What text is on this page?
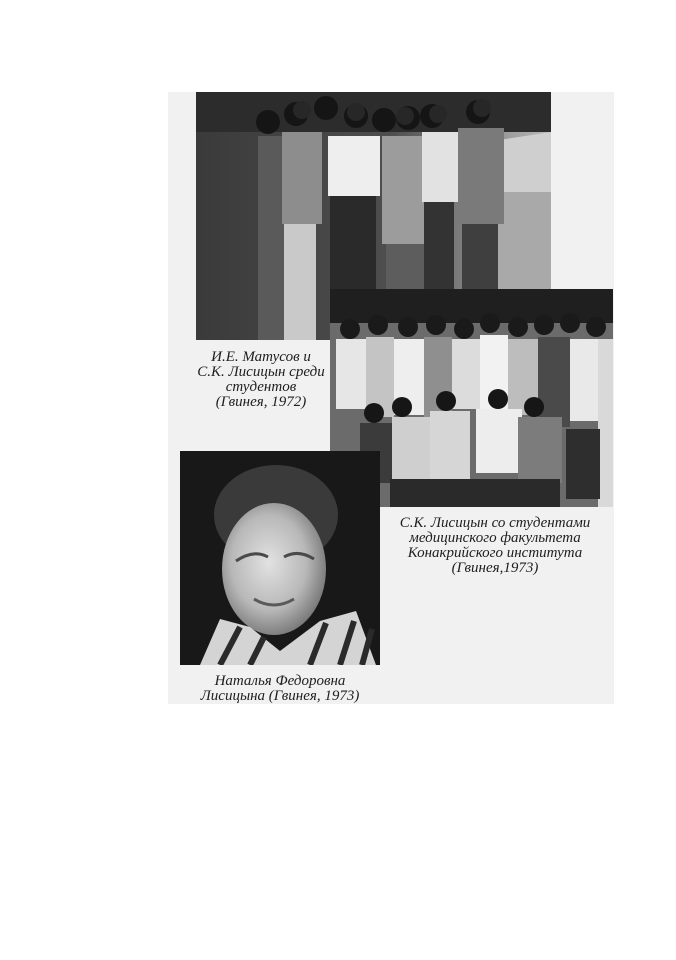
И.Е. Матусов и
С.К. Лисицын среди
студентов
(Гвинея, 1972)
С.К. Лисицын со студентами
медицинского факультета
Конакрийского института
(Гвинея,1973)
Наталья Федоровна
Лисицына (Гвинея, 1973)
